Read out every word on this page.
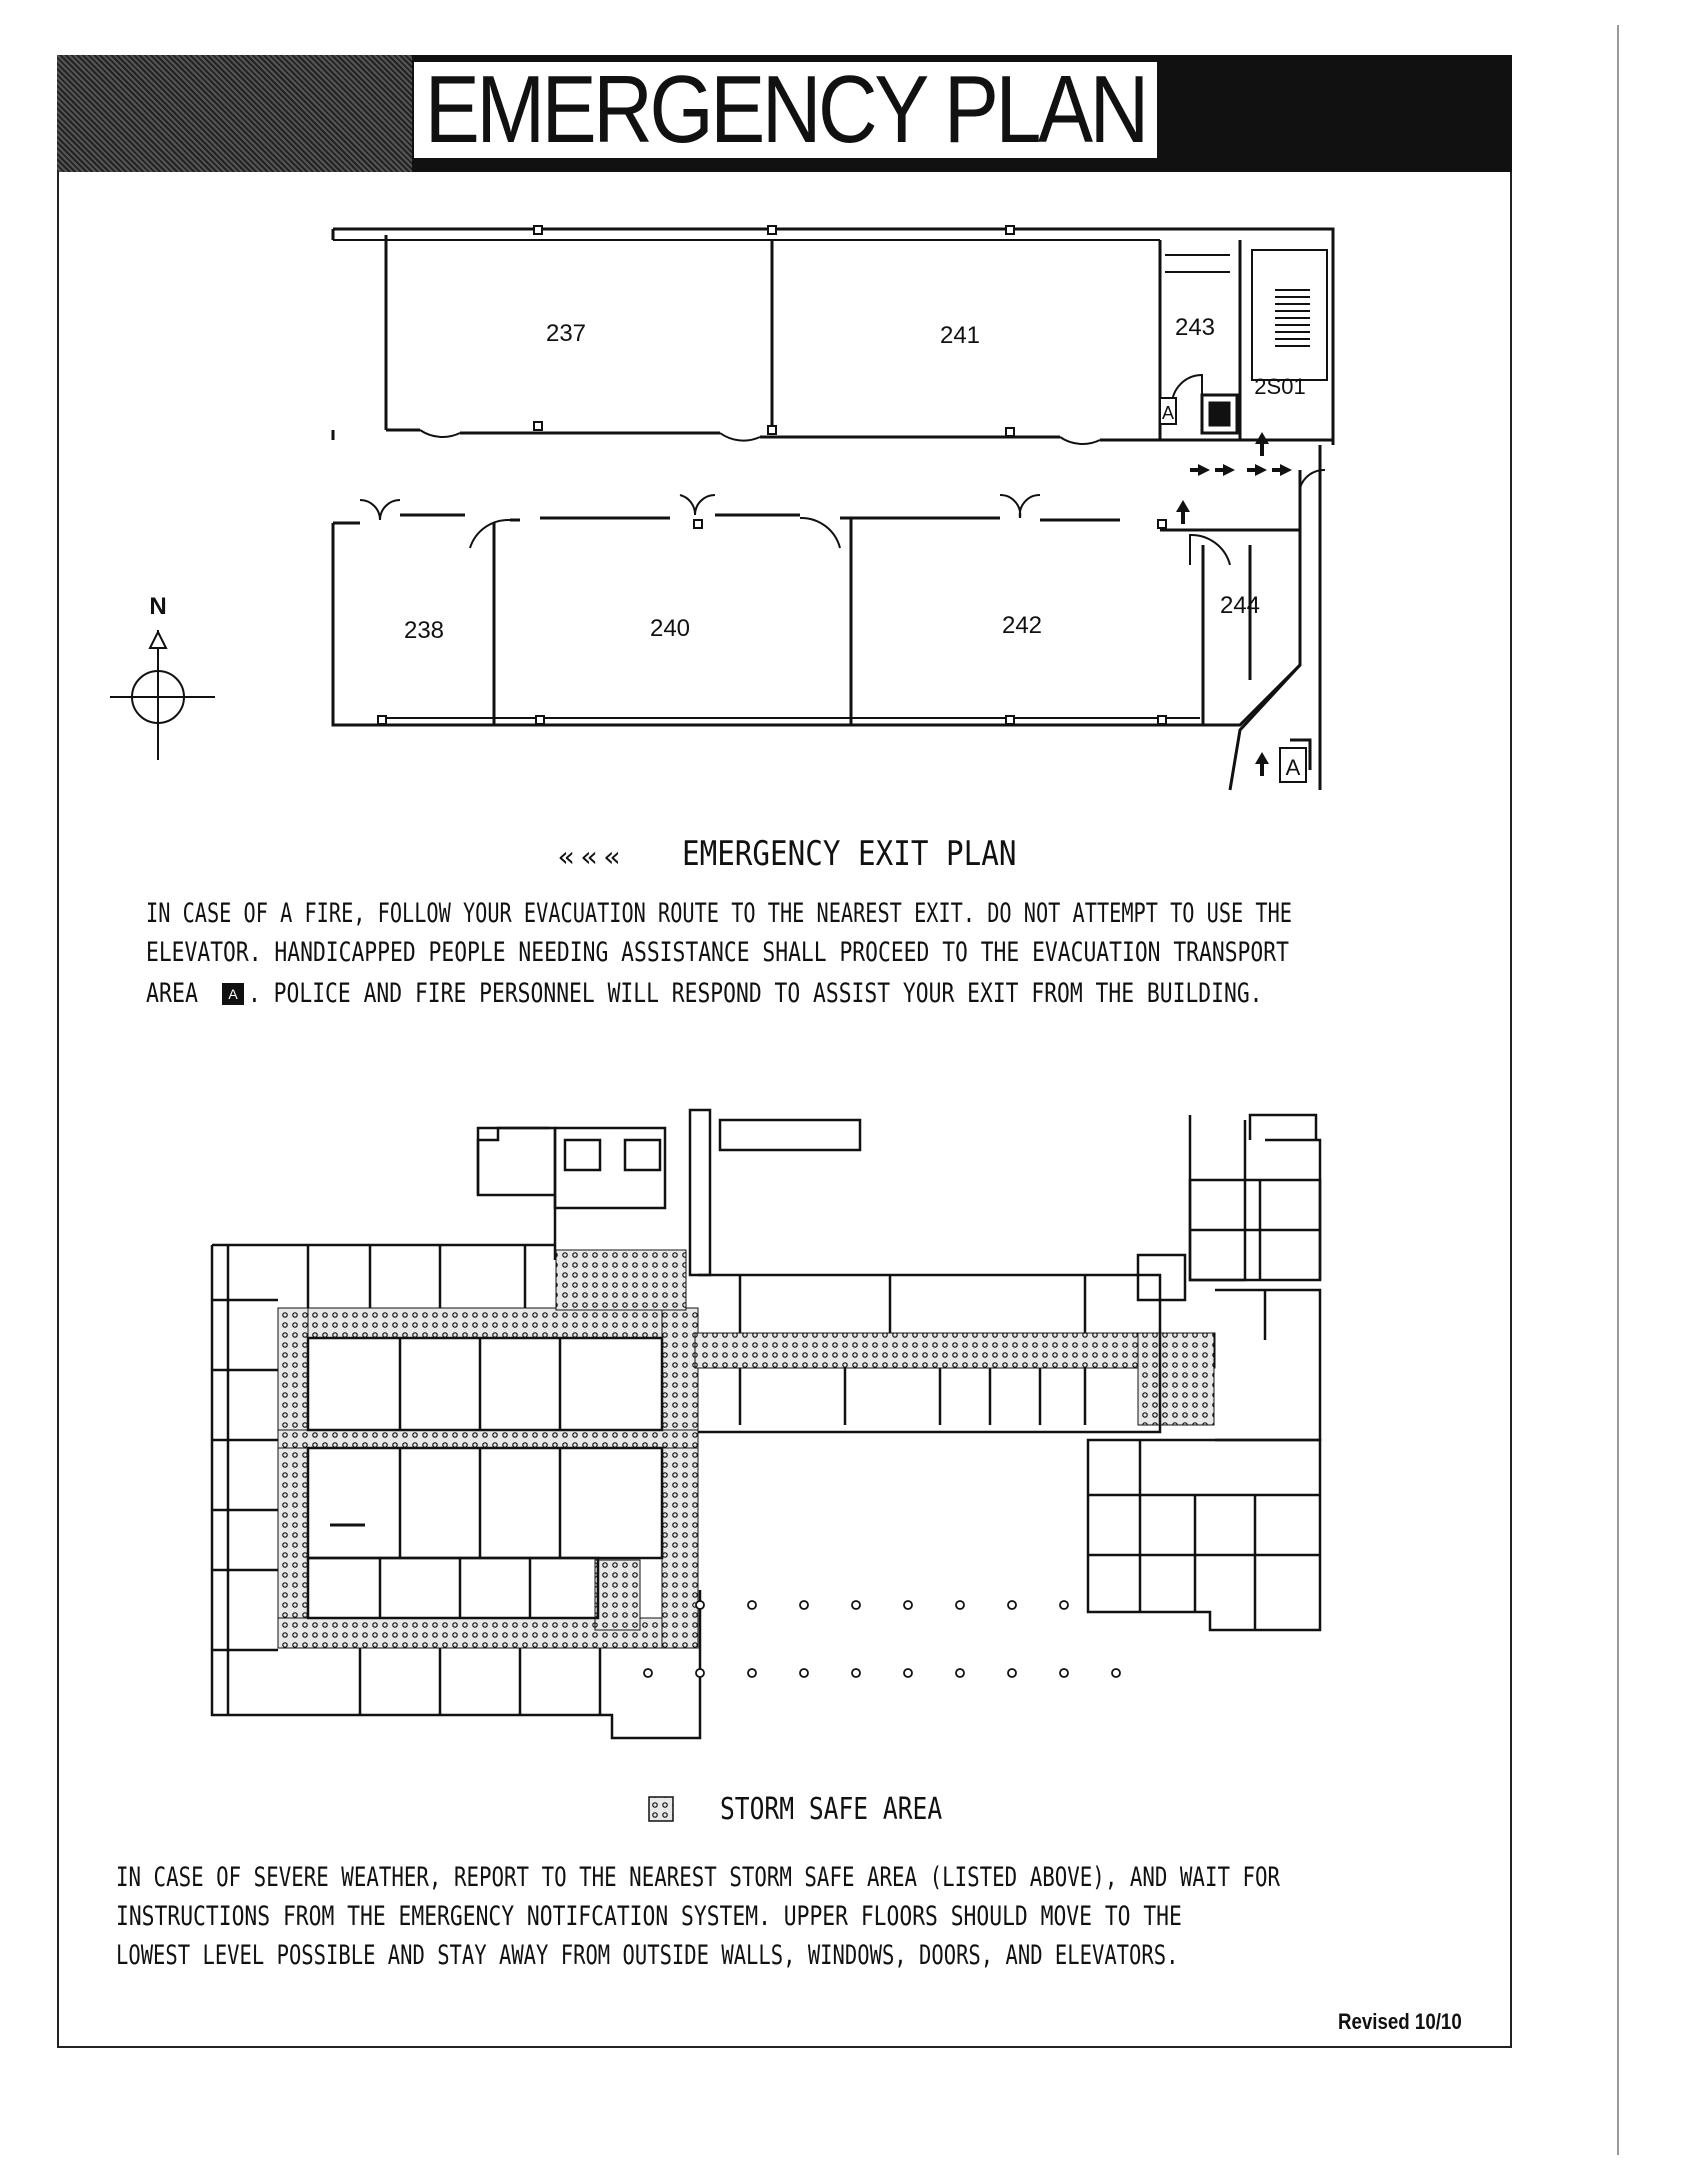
EMERGENCY PLAN
237	241	243
2S01
238	240	242
244
A
A
N
««« EMERGENCY EXIT PLAN
IN CASE OF A FIRE, FOLLOW YOUR EVACUATION ROUTE TO THE NEAREST EXIT. DO NOT ATTEMPT TO USE THE
ELEVATOR. HANDICAPPED PEOPLE NEEDING ASSISTANCE SHALL PROCEED TO THE EVACUATION TRANSPORT
AREA	A . POLICE AND FIRE PERSONNEL WILL RESPOND TO ASSIST YOUR EXIT FROM THE BUILDING.
STORM SAFE AREA
IN CASE OF SEVERE WEATHER, REPORT TO THE NEAREST STORM SAFE AREA (LISTED ABOVE), AND WAIT FOR
INSTRUCTIONS FROM THE EMERGENCY NOTIFCATION SYSTEM. UPPER FLOORS SHOULD MOVE TO THE
LOWEST LEVEL POSSIBLE AND STAY AWAY FROM OUTSIDE WALLS, WINDOWS, DOORS, AND ELEVATORS.
Revised 10/10
